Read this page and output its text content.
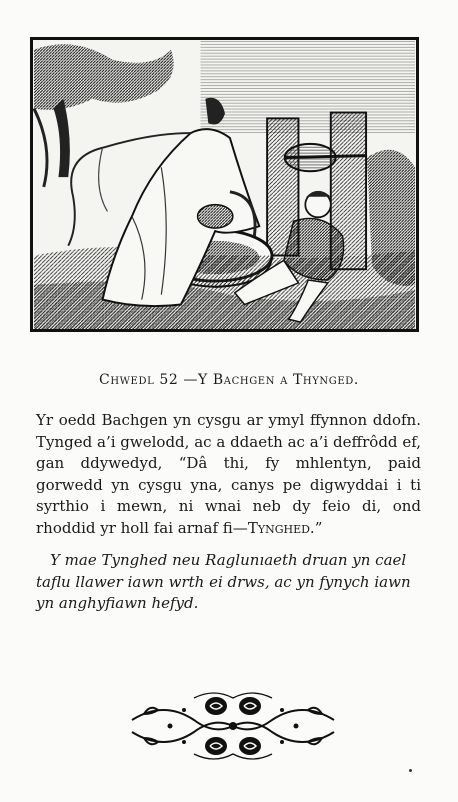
Chwedl 52 —Y Bachgen a Thynged.
Yr oedd Bachgen yn cysgu ar ymyl ffynnon ddofn. Tynged a’i gwelodd, ac a ddaeth ac a’i deffrôdd ef, gan ddywedyd, “Dâ thi, fy mhlentyn, paid gorwedd yn cysgu yna, canys pe digwyddai i ti syrthio i mewn, ni wnai neb dy feio di, ond rhoddid yr holl fai arnaf fi—Tynghed.”
Y mae Tynghed neu Raglunıaeth druan yn cael taflu llawer iawn wrth ei drws, ac yn fynych iawn yn anghyfiawn hefyd.
